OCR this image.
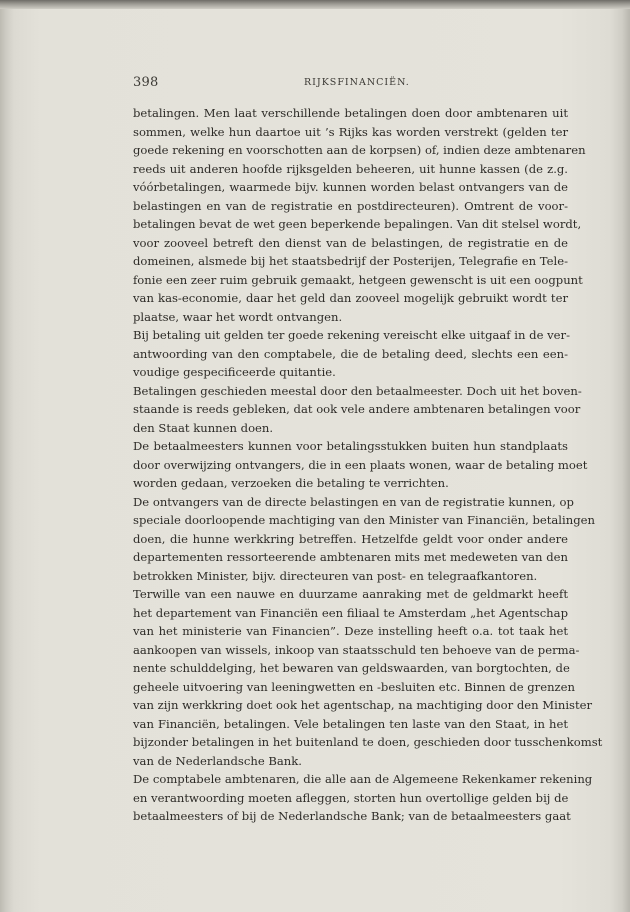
398	RIJKSFINANCIËN.
betalingen. Men laat verschillende betalingen doen door ambtenaren uit
sommen, welke hun daartoe uit ’s Rijks kas worden verstrekt (gelden ter
goede rekening en voorschotten aan de korpsen) of, indien deze ambtenaren
reeds uit anderen hoofde rijksgelden beheeren, uit hunne kassen (de z.g.
vóórbetalingen, waarmede bijv. kunnen worden belast ontvangers van de
belastingen en van de registratie en postdirecteuren). Omtrent de voor-
betalingen bevat de wet geen beperkende bepalingen. Van dit stelsel wordt,
voor zooveel betreft den dienst van de belastingen, de registratie en de
domeinen, alsmede bij het staatsbedrijf der Posterijen, Telegrafie en Tele-
fonie een zeer ruim gebruik gemaakt, hetgeen gewenscht is uit een oogpunt
van kas-economie, daar het geld dan zooveel mogelijk gebruikt wordt ter
plaatse, waar het wordt ontvangen.
Bij betaling uit gelden ter goede rekening vereischt elke uitgaaf in de ver-
antwoording van den comptabele, die de betaling deed, slechts een een-
voudige gespecificeerde quitantie.
Betalingen geschieden meestal door den betaalmeester. Doch uit het boven-
staande is reeds gebleken, dat ook vele andere ambtenaren betalingen voor
den Staat kunnen doen.
De betaalmeesters kunnen voor betalingsstukken buiten hun standplaats
door overwijzing ontvangers, die in een plaats wonen, waar de betaling moet
worden gedaan, verzoeken die betaling te verrichten.
De ontvangers van de directe belastingen en van de registratie kunnen, op
speciale doorloopende machtiging van den Minister van Financiën, betalingen
doen, die hunne werkkring betreffen. Hetzelfde geldt voor onder andere
departementen ressorteerende ambtenaren mits met medeweten van den
betrokken Minister, bijv. directeuren van post- en telegraafkantoren.
Terwille van een nauwe en duurzame aanraking met de geldmarkt heeft
het departement van Financiën een filiaal te Amsterdam „het Agentschap
van het ministerie van Financien”. Deze instelling heeft o.a. tot taak het
aankoopen van wissels, inkoop van staatsschuld ten behoeve van de perma-
nente schulddelging, het bewaren van geldswaarden, van borgtochten, de
geheele uitvoering van leeningwetten en -besluiten etc. Binnen de grenzen
van zijn werkkring doet ook het agentschap, na machtiging door den Minister
van Financiën, betalingen. Vele betalingen ten laste van den Staat, in het
bijzonder betalingen in het buitenland te doen, geschieden door tusschenkomst
van de Nederlandsche Bank.
De comptabele ambtenaren, die alle aan de Algemeene Rekenkamer rekening
en verantwoording moeten afleggen, storten hun overtollige gelden bij de
betaalmeesters of bij de Nederlandsche Bank; van de betaalmeesters gaat
